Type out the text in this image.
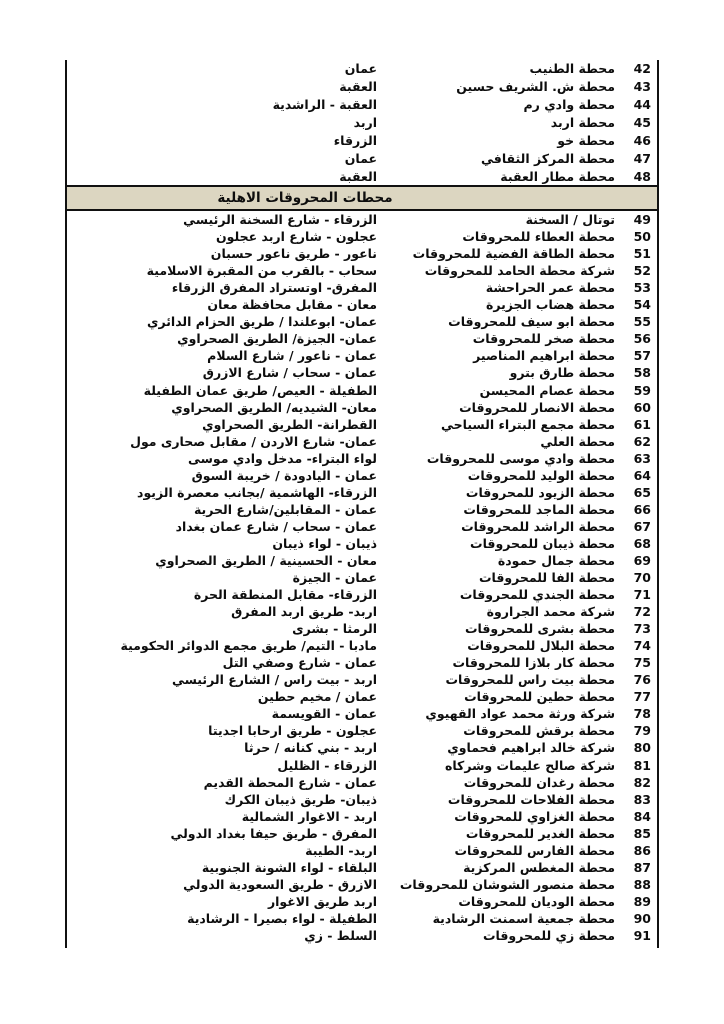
42
محطة الطنيب
عمان
43
محطة ش. الشريف حسين
العقبة
44
محطة وادي رم
العقبة - الراشدية
45
محطة اربد
اربد
46
محطة خو
الزرقاء
47
محطة المركز الثقافي
عمان
48
محطة مطار العقبة
العقبة
محطات المحروقات الاهلية
49
توتال / السخنة
الزرقاء - شارع السخنة الرئيسي
50
محطة العطاء للمحروقات
عجلون - شارع اربد عجلون
51
محطة الطاقة الفضية للمحروقات
ناعور - طريق ناعور حسبان
52
شركة محطة الحامد للمحروقات
سحاب - بالقرب من المقبرة الاسلامية
53
محطة عمر الحراحشة
المفرق- اوتستراد المفرق الزرقاء
54
محطة هضاب الجزيرة
معان - مقابل محافظة معان
55
محطة ابو سيف للمحروقات
عمان- ابوعلندا / طريق الحزام الدائري
56
محطة صخر للمحروقات
عمان- الجيزة/ الطريق الصحراوي
57
محطة ابراهيم المناصير
عمان - ناعور / شارع السلام
58
محطة طارق بترو
عمان - سحاب / شارع الازرق
59
محطة عصام المحيسن
الطفيلة - العيص/ طريق عمان الطفيلة
60
محطة الانصار للمحروقات
معان- الشيديه/ الطريق الصحراوي
61
محطة مجمع البتراء السياحي
القطرانة- الطريق الصحراوي
62
محطة العلي
عمان- شارع الاردن / مقابل صحارى مول
63
محطة وادي موسى للمحروقات
لواء البتراء- مدخل وادي موسى
64
محطة الوليد للمحروقات
عمان - اليادودة / خريبة السوق
65
محطة الزيود للمحروقات
الزرقاء- الهاشمية /بجانب معصرة الزيود
66
محطة الماجد للمحروقات
عمان - المقابلين/شارع الحرية
67
محطة الراشد للمحروقات
عمان - سحاب / شارع عمان بغداد
68
محطة ذيبان للمحروقات
ذيبان - لواء ذيبان
69
محطة جمال حمودة
معان - الحسينية / الطريق الصحراوي
70
محطة الفا للمحروقات
عمان - الجيزة
71
محطة الجندي للمحروقات
الزرقاء- مقابل المنطقة الحرة
72
شركة محمد الجراروة
اربد- طريق اربد المفرق
73
محطة بشرى للمحروقات
الرمثا - بشرى
74
محطة البلال للمحروقات
مادبا - التيم/ طريق مجمع الدوائر الحكومية
75
محطة كار بلازا للمحروقات
عمان - شارع وصفي التل
76
محطة بيت راس للمحروقات
اربد - بيت راس / الشارع الرئيسي
77
محطة حطين للمحروقات
عمان / مخيم حطين
78
شركة ورثة محمد عواد القهيوي
عمان - القويسمة
79
محطة برقش للمحروقات
عجلون - طريق ارحابا اجديتا
80
شركة خالد ابراهيم فحماوي
اربد - بني كنانه / حرثا
81
شركة صالح عليمات وشركاه
الزرقاء - الظليل
82
محطة رغدان للمحروقات
عمان - شارع المحطة القديم
83
محطة الفلاحات للمحروقات
ذيبان- طريق ذيبان الكرك
84
محطة الغزاوي للمحروقات
اربد - الاغوار الشمالية
85
محطة الغدير للمحروقات
المفرق - طريق حيفا بغداد الدولي
86
محطة الفارس للمحروقات
اربد- الطيبة
87
محطة المغطس المركزية
البلقاء - لواء الشونة الجنوبية
88
محطة منصور الشوشان للمحروقات
الازرق - طريق السعودية الدولي
89
محطة الوديان للمحروقات
اربد طريق الاغوار
90
محطة جمعية اسمنت الرشادية
الطفيلة - لواء بصيرا - الرشادية
91
محطة زي للمحروقات
السلط - زي
